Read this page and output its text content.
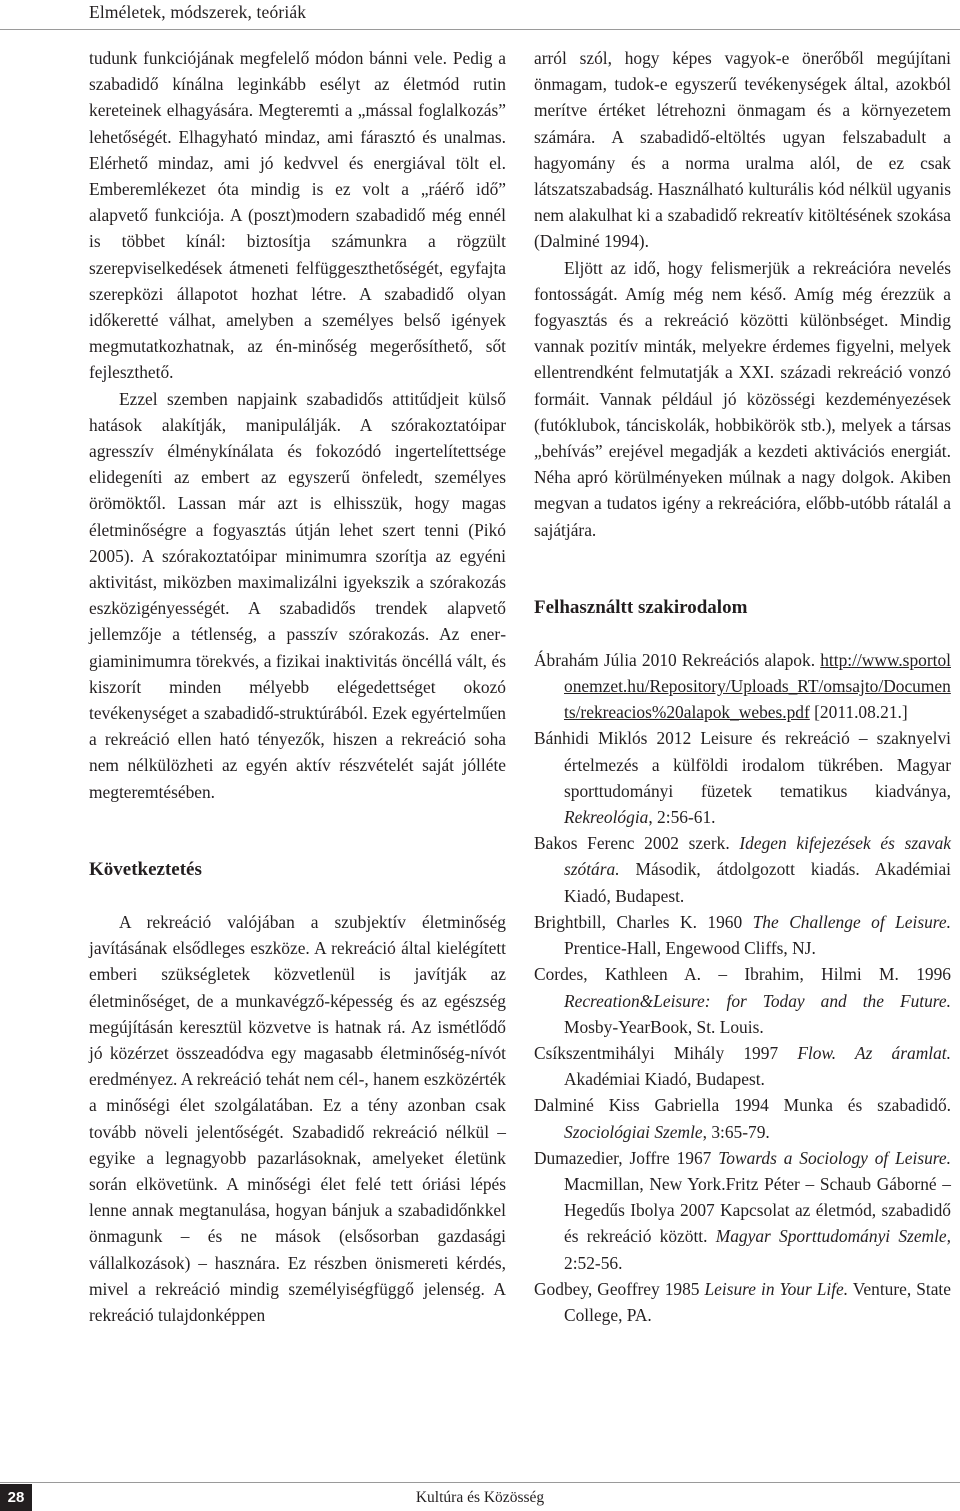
Elméletek, módszerek, teóriák

tudunk funkciójának megfelelő módon bánni vele. Pedig a szabadidő kínálna leginkább esélyt az életmód rutin kereteinek elhagyására. Megteremti a „mással foglalkozás” lehetőségét. Elhagyható mindaz, ami fárasztó és unalmas. Elérhető mindaz, ami jó kedvvel és energiával tölt el. Emberemlékezet óta mindig is ez volt a „ráérő idő” alapvető funkciója. A (poszt)modern szabadidő még ennél is többet kínál: biztosítja számunkra a rögzült szerepviselkedések átmeneti felfüggeszthetőségét, egyfajta szerepközi állapotot hozhat létre. A szabadidő olyan időkeretté válhat, amelyben a személyes belső igények megmutatkozhatnak, az én-minőség megerősíthető, sőt fejleszthető.

Ezzel szemben napjaink szabadidős attitűdjeit külső hatások alakítják, manipulálják. A szórakoztatóipar agresszív élménykínálata és fokozódó ingertelítettsége elidegeníti az embert az egyszerű önfeledt, személyes örömöktől. Lassan már azt is elhisszük, hogy magas életminőségre a fogyasztás útján lehet szert tenni (Pikó 2005). A szórakoztatóipar minimumra szorítja az egyéni aktivitást, miközben maximalizálni igyekszik a szórakozás eszközigényességét. A szabadidős trendek alapvető jellemzője a tétlenség, a passzív szórakozás. Az energiaminimumra törekvés, a fizikai inaktivitás öncéllá vált, és kiszorít minden mélyebb elégedettséget okozó tevékenységet a szabadidő-struktúrából. Ezek egyértelműen a rekreáció ellen ható tényezők, hiszen a rekreáció soha nem nélkülözheti az egyén aktív részvételét saját jólléte megteremtésében.

Következtetés

A rekreáció valójában a szubjektív életminőség javításának elsődleges eszköze. A rekreáció által kielégített emberi szükségletek közvetlenül is javítják az életminőséget, de a munkavégző-képesség és az egészség megújításán keresztül közvetve is hatnak rá. Az ismétlődő jó közérzet összeadódva egy magasabb életminőség-nívót eredményez. A rekreáció tehát nem cél-, hanem eszközérték a minőségi élet szolgálatában. Ez a tény azonban csak tovább növeli jelentőségét. Szabadidő rekreáció nélkül – egyike a legnagyobb pazarlásoknak, amelyeket életünk során elkövetünk. A minőségi élet felé tett óriási lépés lenne annak megtanulása, hogyan bánjuk a szabadidőnkkel önmagunk – és ne mások (elsősorban gazdasági vállalkozások) – hasznára. Ez részben önismereti kérdés, mivel a rekreáció mindig személyiségfüggő jelenség. A rekreáció tulajdonképpen

arról szól, hogy képes vagyok-e önerőből megújítani önmagam, tudok-e egyszerű tevékenységek által, azokból merítve értéket létrehozni önmagam és a környezetem számára. A szabadidő-eltöltés ugyan felszabadult a hagyomány és a norma uralma alól, de ez csak látszatszabadság. Használható kulturális kód nélkül ugyanis nem alakulhat ki a szabadidő rekreatív kitöltésének szokása (Dalminé 1994).

Eljött az idő, hogy felismerjük a rekreációra nevelés fontosságát. Amíg még nem késő. Amíg még érezzük a fogyasztás és a rekreáció közötti különbséget. Mindig vannak pozitív minták, melyekre érdemes figyelni, melyek ellentrendként felmutatják a XXI. századi rekreáció vonzó formáit. Vannak például jó közösségi kezdeményezések (futóklubok, tánciskolák, hobbikörök stb.), melyek a társas „behívás” erejével megadják a kezdeti aktivációs energiát. Néha apró körülményeken múlnak a nagy dolgok. Akiben megvan a tudatos igény a rekreációra, előbb-utóbb rátalál a sajátjára.

Felhasználtt szakirodalom
Ábrahám Júlia 2010 Rekreációs alapok. http://www.sportolonemzet.hu/Repository/Uploads_RT/omsajto/Documents/rekreacios%20alapok_webes.pdf [2011.08.21.]
Bánhidi Miklós 2012 Leisure és rekreáció – szaknyelvi értelmezés a külföldi irodalom tükrében. Magyar sporttudományi füzetek tematikus kiadványa, Rekreológia, 2:56-61.
Bakos Ferenc 2002 szerk. Idegen kifejezések és szavak szótára. Második, átdolgozott kiadás. Akadémiai Kiadó, Budapest.
Brightbill, Charles K. 1960 The Challenge of Leisure. Prentice-Hall, Engewood Cliffs, NJ.
Cordes, Kathleen A. – Ibrahim, Hilmi M. 1996 Recreation&Leisure: for Today and the Future. Mosby-YearBook, St. Louis.
Csíkszentmihályi Mihály 1997 Flow. Az áramlat. Akadémiai Kiadó, Budapest.
Dalminé Kiss Gabriella 1994 Munka és szabadidő. Szociológiai Szemle, 3:65-79.
Dumazedier, Joffre 1967 Towards a Sociology of Leisure. Macmillan, New York.Fritz Péter – Schaub Gáborné – Hegedűs Ibolya 2007 Kapcsolat az életmód, szabadidő és rekreáció között. Magyar Sporttudományi Szemle, 2:52-56.
Godbey, Geoffrey 1985 Leisure in Your Life. Venture, State College, PA.
28	Kultúra és Közösség
